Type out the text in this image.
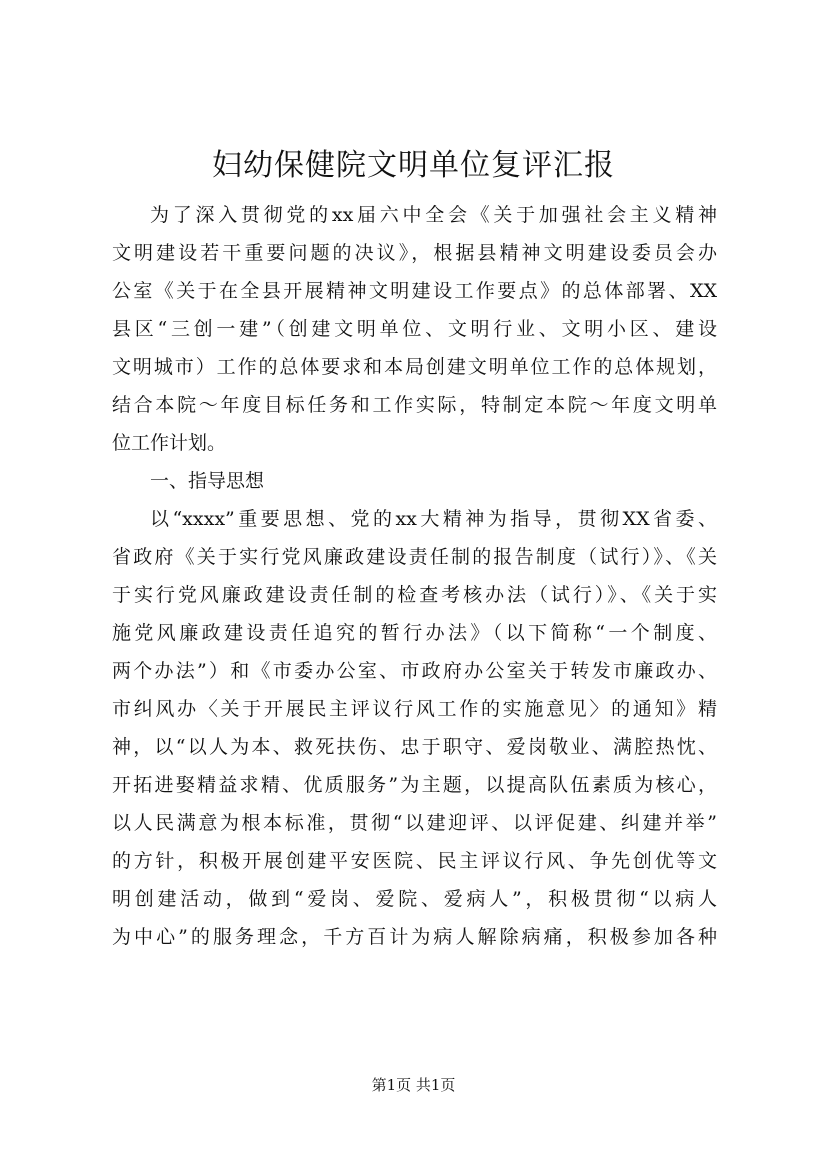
妇幼保健院文明单位复评汇报
为了深入贯彻党的xx届六中全会《关于加强社会主义精神
文明建设若干重要问题的决议》，根据县精神文明建设委员会办
公室《关于在全县开展精神文明建设工作要点》的总体部署、XX
县区“三创一建”（创建文明单位、文明行业、文明小区、建设
文明城市）工作的总体要求和本局创建文明单位工作的总体规划，
结合本院～年度目标任务和工作实际，特制定本院～年度文明单
位工作计划。
一、指导思想
以“xxxx”重要思想、党的xx大精神为指导，贯彻XX省委、
省政府《关于实行党风廉政建设责任制的报告制度（试行）》、《关
于实行党风廉政建设责任制的检查考核办法（试行）》、《关于实
施党风廉政建设责任追究的暂行办法》（以下简称“一个制度、
两个办法”）和《市委办公室、市政府办公室关于转发市廉政办、
市纠风办〈关于开展民主评议行风工作的实施意见〉的通知》精
神，以“以人为本、救死扶伤、忠于职守、爱岗敬业、满腔热忱、
开拓进娶精益求精、优质服务”为主题，以提高队伍素质为核心，
以人民满意为根本标准，贯彻“以建迎评、以评促建、纠建并举”
的方针，积极开展创建平安医院、民主评议行风、争先创优等文
明创建活动，做到“爱岗、爱院、爱病人”，积极贯彻“以病人
为中心”的服务理念，千方百计为病人解除病痛，积极参加各种
第1页 共1页
